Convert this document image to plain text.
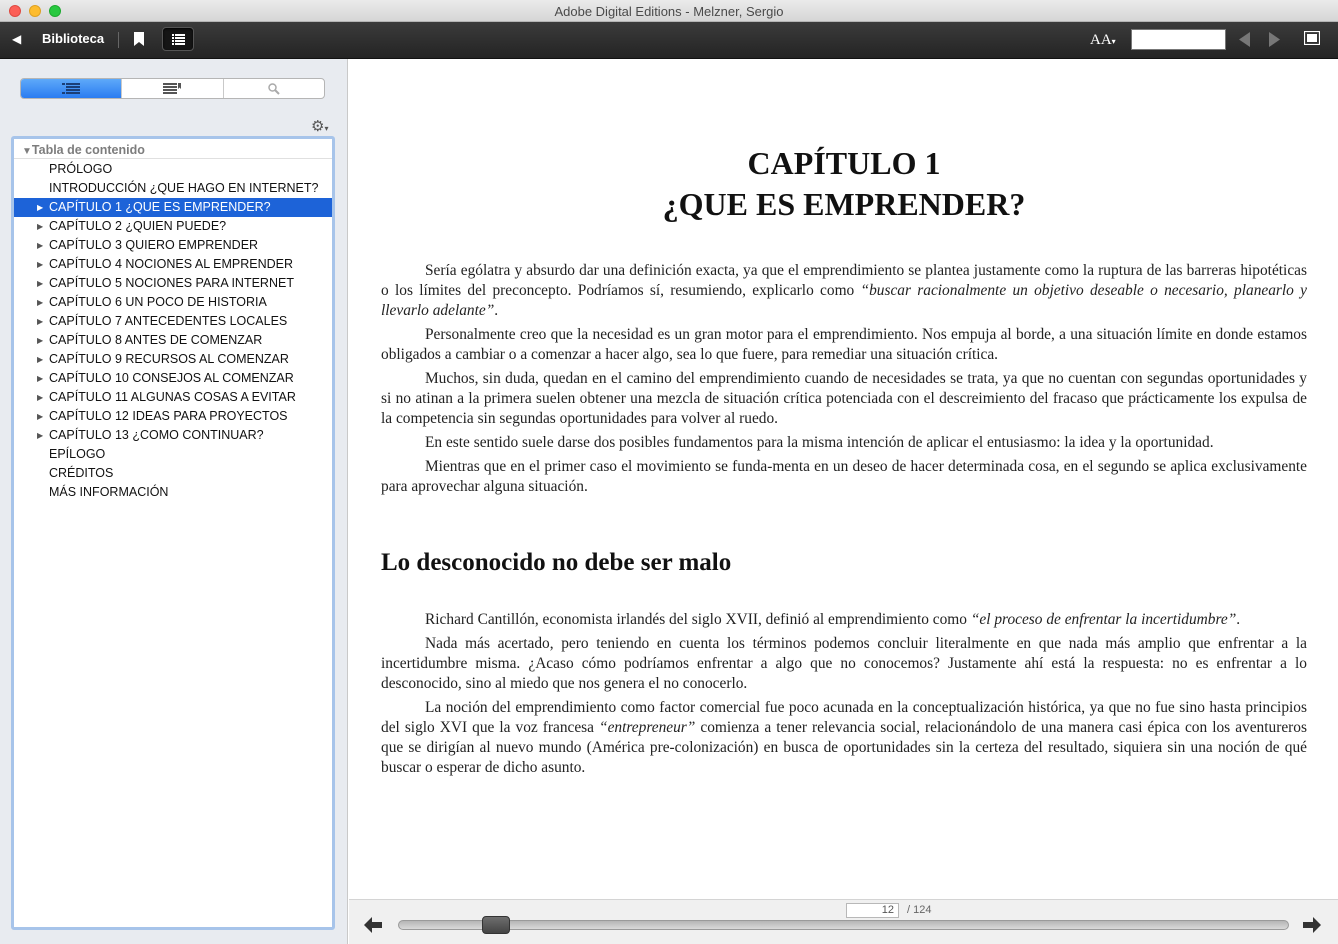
Adobe Digital Editions - Melzner, Sergio
◀	Biblioteca	AA▾
⚙▾
▼Tabla de contenido
PRÓLOGO
INTRODUCCIÓN ¿QUE HAGO EN INTERNET?
▶ CAPÍTULO 1 ¿QUE ES EMPRENDER?
▶ CAPÍTULO 2 ¿QUIEN PUEDE?
▶ CAPÍTULO 3 QUIERO EMPRENDER
▶ CAPÍTULO 4 NOCIONES AL EMPRENDER
▶ CAPÍTULO 5 NOCIONES PARA INTERNET
▶ CAPÍTULO 6 UN POCO DE HISTORIA
▶ CAPÍTULO 7 ANTECEDENTES LOCALES
▶ CAPÍTULO 8 ANTES DE COMENZAR
▶ CAPÍTULO 9 RECURSOS AL COMENZAR
▶ CAPÍTULO 10 CONSEJOS AL COMENZAR
▶ CAPÍTULO 11 ALGUNAS COSAS A EVITAR
▶ CAPÍTULO 12 IDEAS PARA PROYECTOS
▶ CAPÍTULO 13 ¿COMO CONTINUAR?
EPÍLOGO
CRÉDITOS
MÁS INFORMACIÓN
CAPÍTULO 1
¿QUE ES EMPRENDER?

Sería ególatra y absurdo dar una definición exacta, ya que el emprendimiento se plantea justamente como la ruptura de las barreras hipotéticas o los límites del preconcepto. Podríamos sí, resumiendo, explicarlo como “buscar racionalmente un objetivo deseable o necesario, planearlo y llevarlo adelante”.

Personalmente creo que la necesidad es un gran motor para el emprendimiento. Nos empuja al borde, a una situación límite en donde estamos obligados a cambiar o a comenzar a hacer algo, sea lo que fuere, para remediar una situación crítica.

Muchos, sin duda, quedan en el camino del emprendimiento cuando de necesidades se trata, ya que no cuentan con segundas oportunidades y si no atinan a la primera suelen obtener una mezcla de situación crítica potenciada con el descreimiento del fracaso que prácticamente los expulsa de la competencia sin segundas oportunidades para volver al ruedo.

En este sentido suele darse dos posibles fundamentos para la misma intención de aplicar el entusiasmo: la idea y la oportunidad.

Mientras que en el primer caso el movimiento se funda-menta en un deseo de hacer determinada cosa, en el segundo se aplica exclusivamente para aprovechar alguna situación.

Lo desconocido no debe ser malo

Richard Cantillón, economista irlandés del siglo XVII, definió al emprendimiento como “el proceso de enfrentar la incertidumbre”.

Nada más acertado, pero teniendo en cuenta los términos podemos concluir literalmente en que nada más amplio que enfrentar a la incertidumbre misma. ¿Acaso cómo podríamos enfrentar a algo que no conocemos? Justamente ahí está la respuesta: no es enfrentar a lo desconocido, sino al miedo que nos genera el no conocerlo.

La noción del emprendimiento como factor comercial fue poco acunada en la conceptualización histórica, ya que no fue sino hasta principios del siglo XVI que la voz francesa “entrepreneur” comienza a tener relevancia social, relacionándolo de una manera casi épica con los aventureros que se dirigían al nuevo mundo (América pre-colonización) en busca de oportunidades sin la certeza del resultado, siquiera sin una noción de qué buscar o esperar de dicho asunto.

12	/ 124
